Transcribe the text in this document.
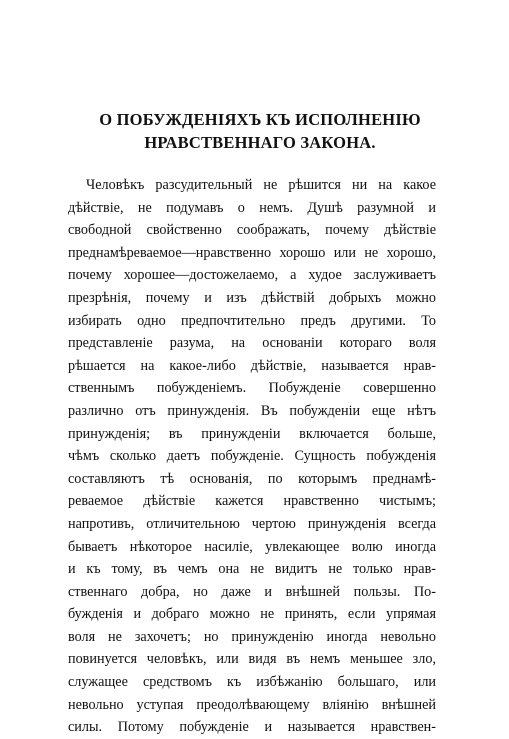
О ПОБУЖДЕНІЯХЪ КЪ ИСПОЛНЕНІЮ
НРАВСТВЕННАГО ЗАКОНА.
Человѣкъ разсудительный не рѣшится ни на какое
дѣйствіе, не подумавъ о немъ. Душѣ разумной и
свободной свойственно соображать, почему дѣйствіе
преднамѣреваемое—нравственно хорошо или не хорошо,
почему хорошее—достожелаемо, а худое заслуживаетъ
презрѣнія, почему и изъ дѣйствій добрыхъ можно
избирать одно предпочтительно предъ другими. То
представленіе разума, на основаніи котораго воля
рѣшается на какое-либо дѣйствіе, называется нрав-
ственнымъ побужденіемъ. Побужденіе совершенно
различно отъ принужденія. Въ побужденіи еще нѣтъ
принужденія; въ принужденіи включается больше,
чѣмъ сколько даетъ побужденіе. Сущность побужденія
составляютъ тѣ основанія, по которымъ преднамѣ-
реваемое дѣйствіе кажется нравственно чистымъ;
напротивъ, отличительною чертою принужденія всегда
бываетъ нѣкоторое насиліе, увлекающее волю иногда
и къ тому, въ чемъ она не видитъ не только нрав-
ственнаго добра, но даже и внѣшней пользы. По-
бужденія и добраго можно не принять, если упрямая
воля не захочетъ; но принужденію иногда невольно
повинуется человѣкъ, или видя въ немъ меньшее зло,
служащее средствомъ къ избѣжанію большаго, или
невольно уступая преодолѣвающему вліянію внѣшней
силы. Потому побужденіе и называется нравствен-
